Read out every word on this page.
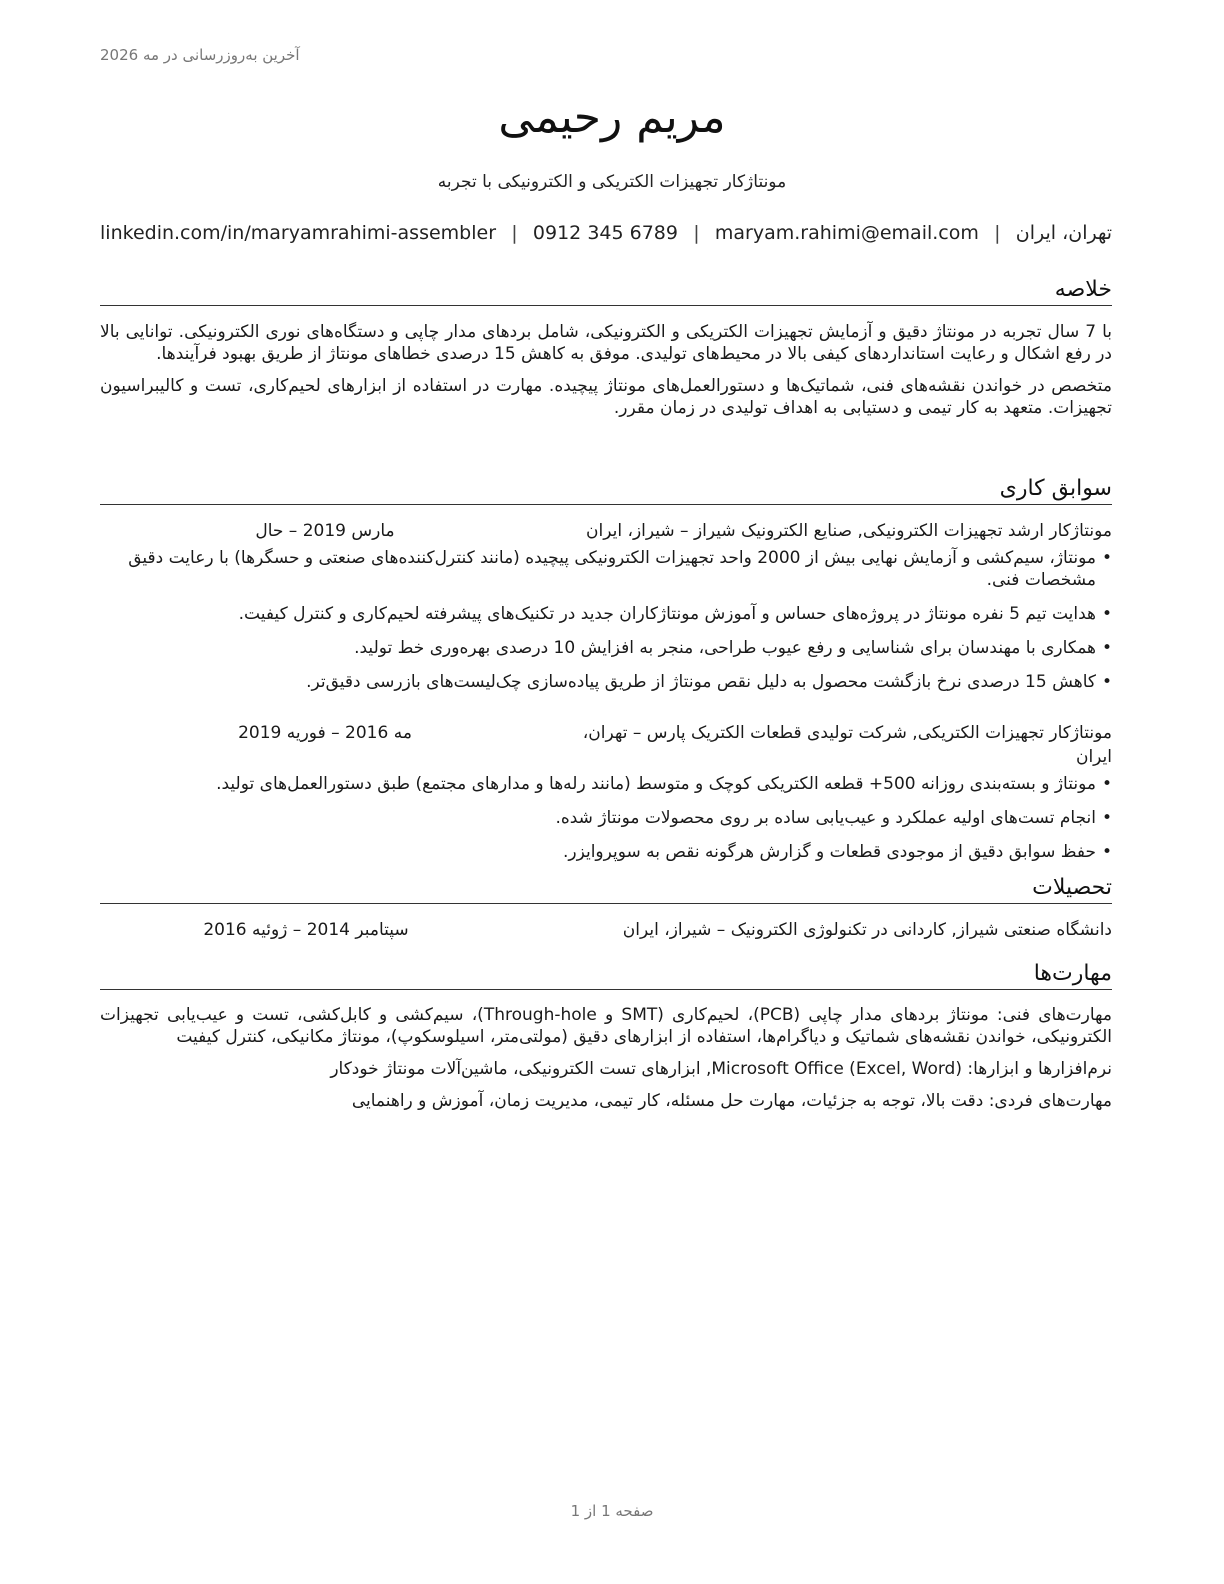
آخرین به‌روزرسانی در مه 2026
مریم رحیمی
مونتاژکار تجهیزات الکتریکی و الکترونیکی با تجربه
تهران، ایران
|
maryam.rahimi@email.com
|
0912 345 6789
|
linkedin.com/in/maryamrahimi-assembler
خلاصه

با 7 سال تجربه در مونتاژ دقیق و آزمایش تجهیزات الکتریکی و الکترونیکی، شامل بردهای مدار چاپی و دستگاه‌های نوری الکترونیکی. توانایی بالا در رفع اشکال و رعایت استانداردهای کیفی بالا در محیط‌های تولیدی. موفق به کاهش 15 درصدی خطاهای مونتاژ از طریق بهبود فرآیندها.

متخصص در خواندن نقشه‌های فنی، شماتیک‌ها و دستورالعمل‌های مونتاژ پیچیده. مهارت در استفاده از ابزارهای لحیم‌کاری، تست و کالیبراسیون تجهیزات. متعهد به کار تیمی و دستیابی به اهداف تولیدی در زمان مقرر.

سوابق کاری
مونتاژکار ارشد تجهیزات الکترونیکی, صنایع الکترونیک شیراز – شیراز، ایران
مارس 2019 – حال
• مونتاژ، سیم‌کشی و آزمایش نهایی بیش از 2000 واحد تجهیزات الکترونیکی پیچیده (مانند کنترل‌کننده‌های صنعتی و حسگرها) با رعایت دقیق مشخصات فنی.
• هدایت تیم 5 نفره مونتاژ در پروژه‌های حساس و آموزش مونتاژکاران جدید در تکنیک‌های پیشرفته لحیم‌کاری و کنترل کیفیت.
• همکاری با مهندسان برای شناسایی و رفع عیوب طراحی، منجر به افزایش 10 درصدی بهره‌وری خط تولید.
• کاهش 15 درصدی نرخ بازگشت محصول به دلیل نقص مونتاژ از طریق پیاده‌سازی چک‌لیست‌های بازرسی دقیق‌تر.
مونتاژکار تجهیزات الکتریکی, شرکت تولیدی قطعات الکتریک پارس – تهران، ایران
مه 2016 – فوریه 2019
• مونتاژ و بسته‌بندی روزانه 500+ قطعه الکتریکی کوچک و متوسط (مانند رله‌ها و مدارهای مجتمع) طبق دستورالعمل‌های تولید.
• انجام تست‌های اولیه عملکرد و عیب‌یابی ساده بر روی محصولات مونتاژ شده.
• حفظ سوابق دقیق از موجودی قطعات و گزارش هرگونه نقص به سوپروایزر.
تحصیلات
دانشگاه صنعتی شیراز, کاردانی در تکنولوژی الکترونیک – شیراز، ایران
سپتامبر 2014 – ژوئیه 2016
مهارت‌ها

مهارت‌های فنی: مونتاژ بردهای مدار چاپی (PCB)، لحیم‌کاری (SMT و Through-hole)، سیم‌کشی و کابل‌کشی، تست و عیب‌یابی تجهیزات الکترونیکی، خواندن نقشه‌های شماتیک و دیاگرام‌ها، استفاده از ابزارهای دقیق (مولتی‌متر، اسیلوسکوپ)، مونتاژ مکانیکی، کنترل کیفیت

نرم‌افزارها و ابزارها: Microsoft Office (Excel, Word), ابزارهای تست الکترونیکی، ماشین‌آلات مونتاژ خودکار

مهارت‌های فردی: دقت بالا، توجه به جزئیات، مهارت حل مسئله، کار تیمی، مدیریت زمان، آموزش و راهنمایی

صفحه 1 از 1
